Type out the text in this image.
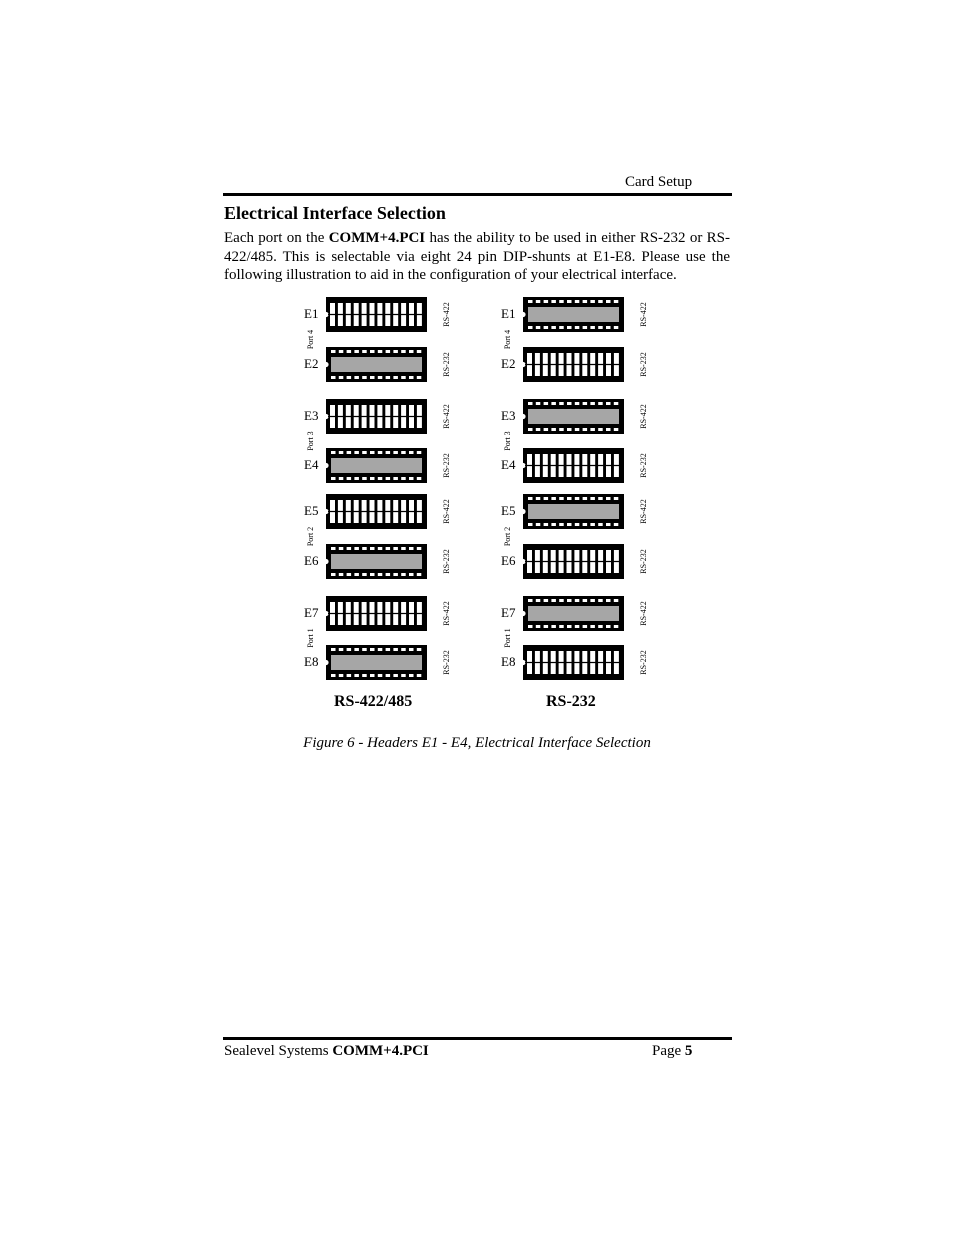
Card Setup
Electrical Interface Selection
Each port on the COMM+4.PCI has the ability to be used in either RS-232 or RS-422/485. This is selectable via eight 24 pin DIP-shunts at E1-E8. Please use the following illustration to aid in the configuration of your electrical interface.
E1	RS-422
E2	RS-232
E3	RS-422
E4	RS-232
E5	RS-422
E6	RS-232
E7	RS-422
E8	RS-232
Port 4
Port 3
Port 2
Port 1
E1	RS-422
E2	RS-232
E3	RS-422
E4	RS-232
E5	RS-422
E6	RS-232
E7	RS-422
E8	RS-232
Port 4
Port 3
Port 2
Port 1
RS-422/485	RS-232
Figure 6 - Headers E1 - E4, Electrical Interface Selection
Sealevel Systems COMM+4.PCI	Page 5
